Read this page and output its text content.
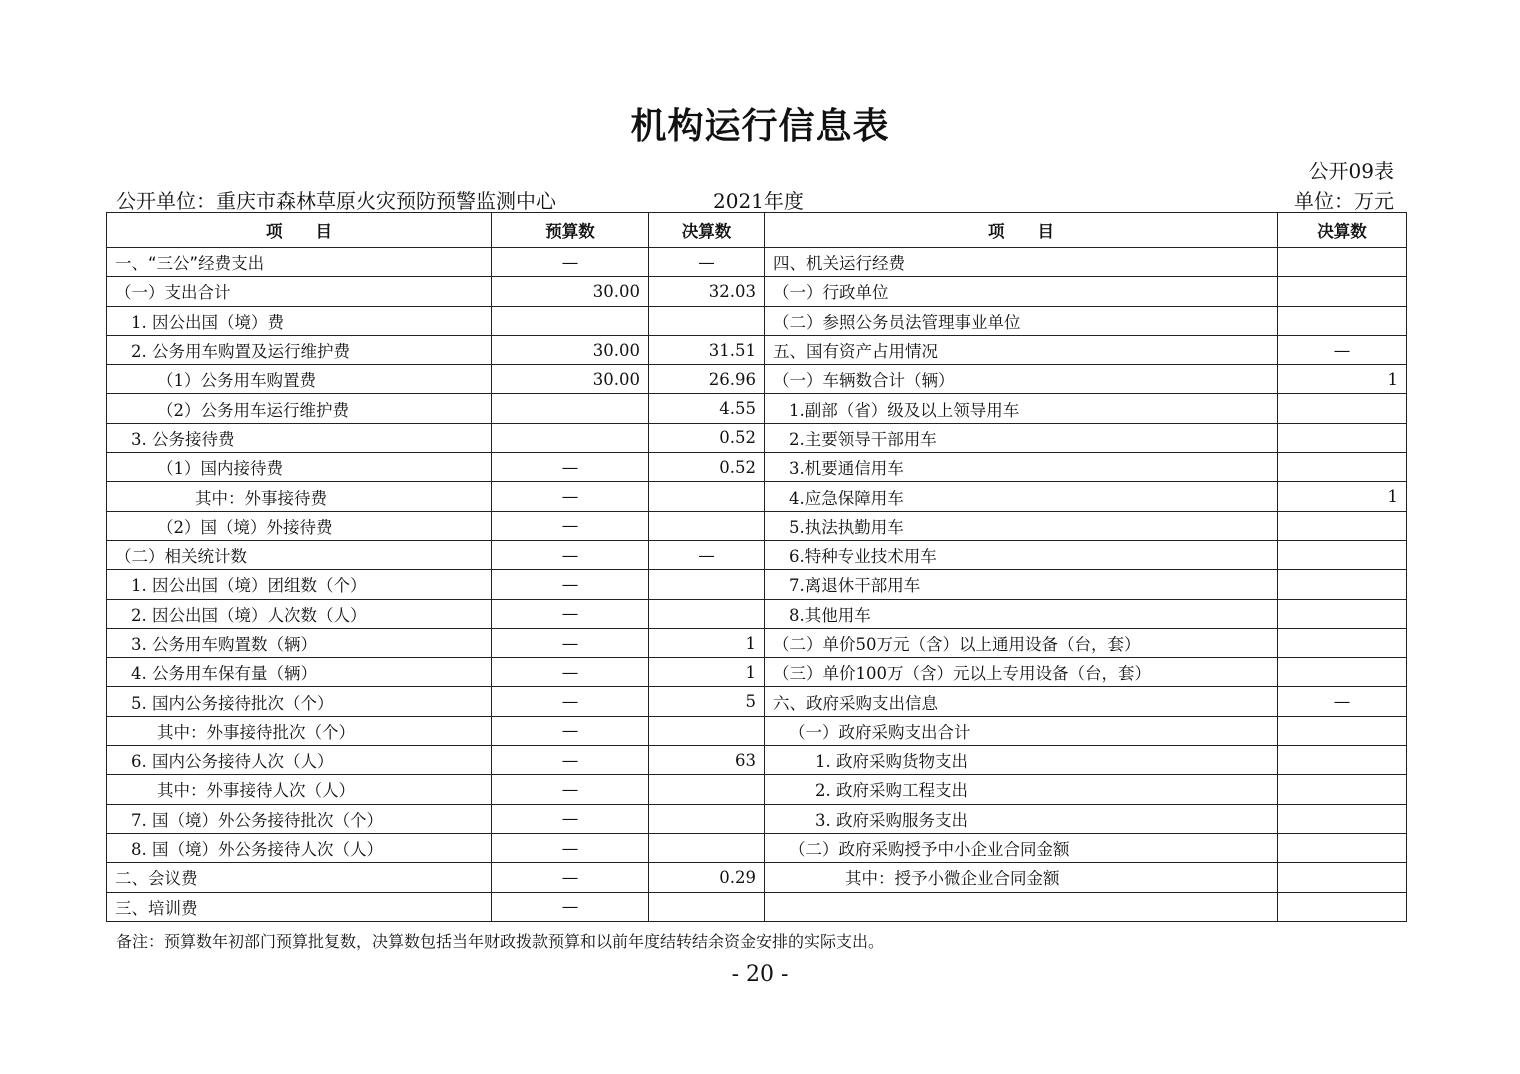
机构运行信息表
公开09表
公开单位：重庆市森林草原火灾预防预警监测中心	2021年度	单位：万元
项　　目	预算数	决算数	项　　目	决算数
一、“三公”经费支出	—	—	四、机关运行经费	
（一）支出合计	30.00	32.03	（一）行政单位	
1. 因公出国（境）费			（二）参照公务员法管理事业单位	
2. 公务用车购置及运行维护费	30.00	31.51	五、国有资产占用情况	—
（1）公务用车购置费	30.00	26.96	（一）车辆数合计（辆）	1
（2）公务用车运行维护费		4.55	1.副部（省）级及以上领导用车	
3. 公务接待费		0.52	2.主要领导干部用车	
（1）国内接待费	—	0.52	3.机要通信用车	
其中：外事接待费	—		4.应急保障用车	1
（2）国（境）外接待费	—		5.执法执勤用车	
（二）相关统计数	—	—	6.特种专业技术用车	
1. 因公出国（境）团组数（个）	—		7.离退休干部用车	
2. 因公出国（境）人次数（人）	—		8.其他用车	
3. 公务用车购置数（辆）	—	1	（二）单价50万元（含）以上通用设备（台，套）	
4. 公务用车保有量（辆）	—	1	（三）单价100万（含）元以上专用设备（台，套）	
5. 国内公务接待批次（个）	—	5	六、政府采购支出信息	—
其中：外事接待批次（个）	—		（一）政府采购支出合计	
6. 国内公务接待人次（人）	—	63	1. 政府采购货物支出	
其中：外事接待人次（人）	—		2. 政府采购工程支出	
7. 国（境）外公务接待批次（个）	—		3. 政府采购服务支出	
8. 国（境）外公务接待人次（人）	—		（二）政府采购授予中小企业合同金额	
二、会议费	—	0.29	其中：授予小微企业合同金额	
三、培训费	—			
备注：预算数年初部门预算批复数，决算数包括当年财政拨款预算和以前年度结转结余资金安排的实际支出。
- 20 -
